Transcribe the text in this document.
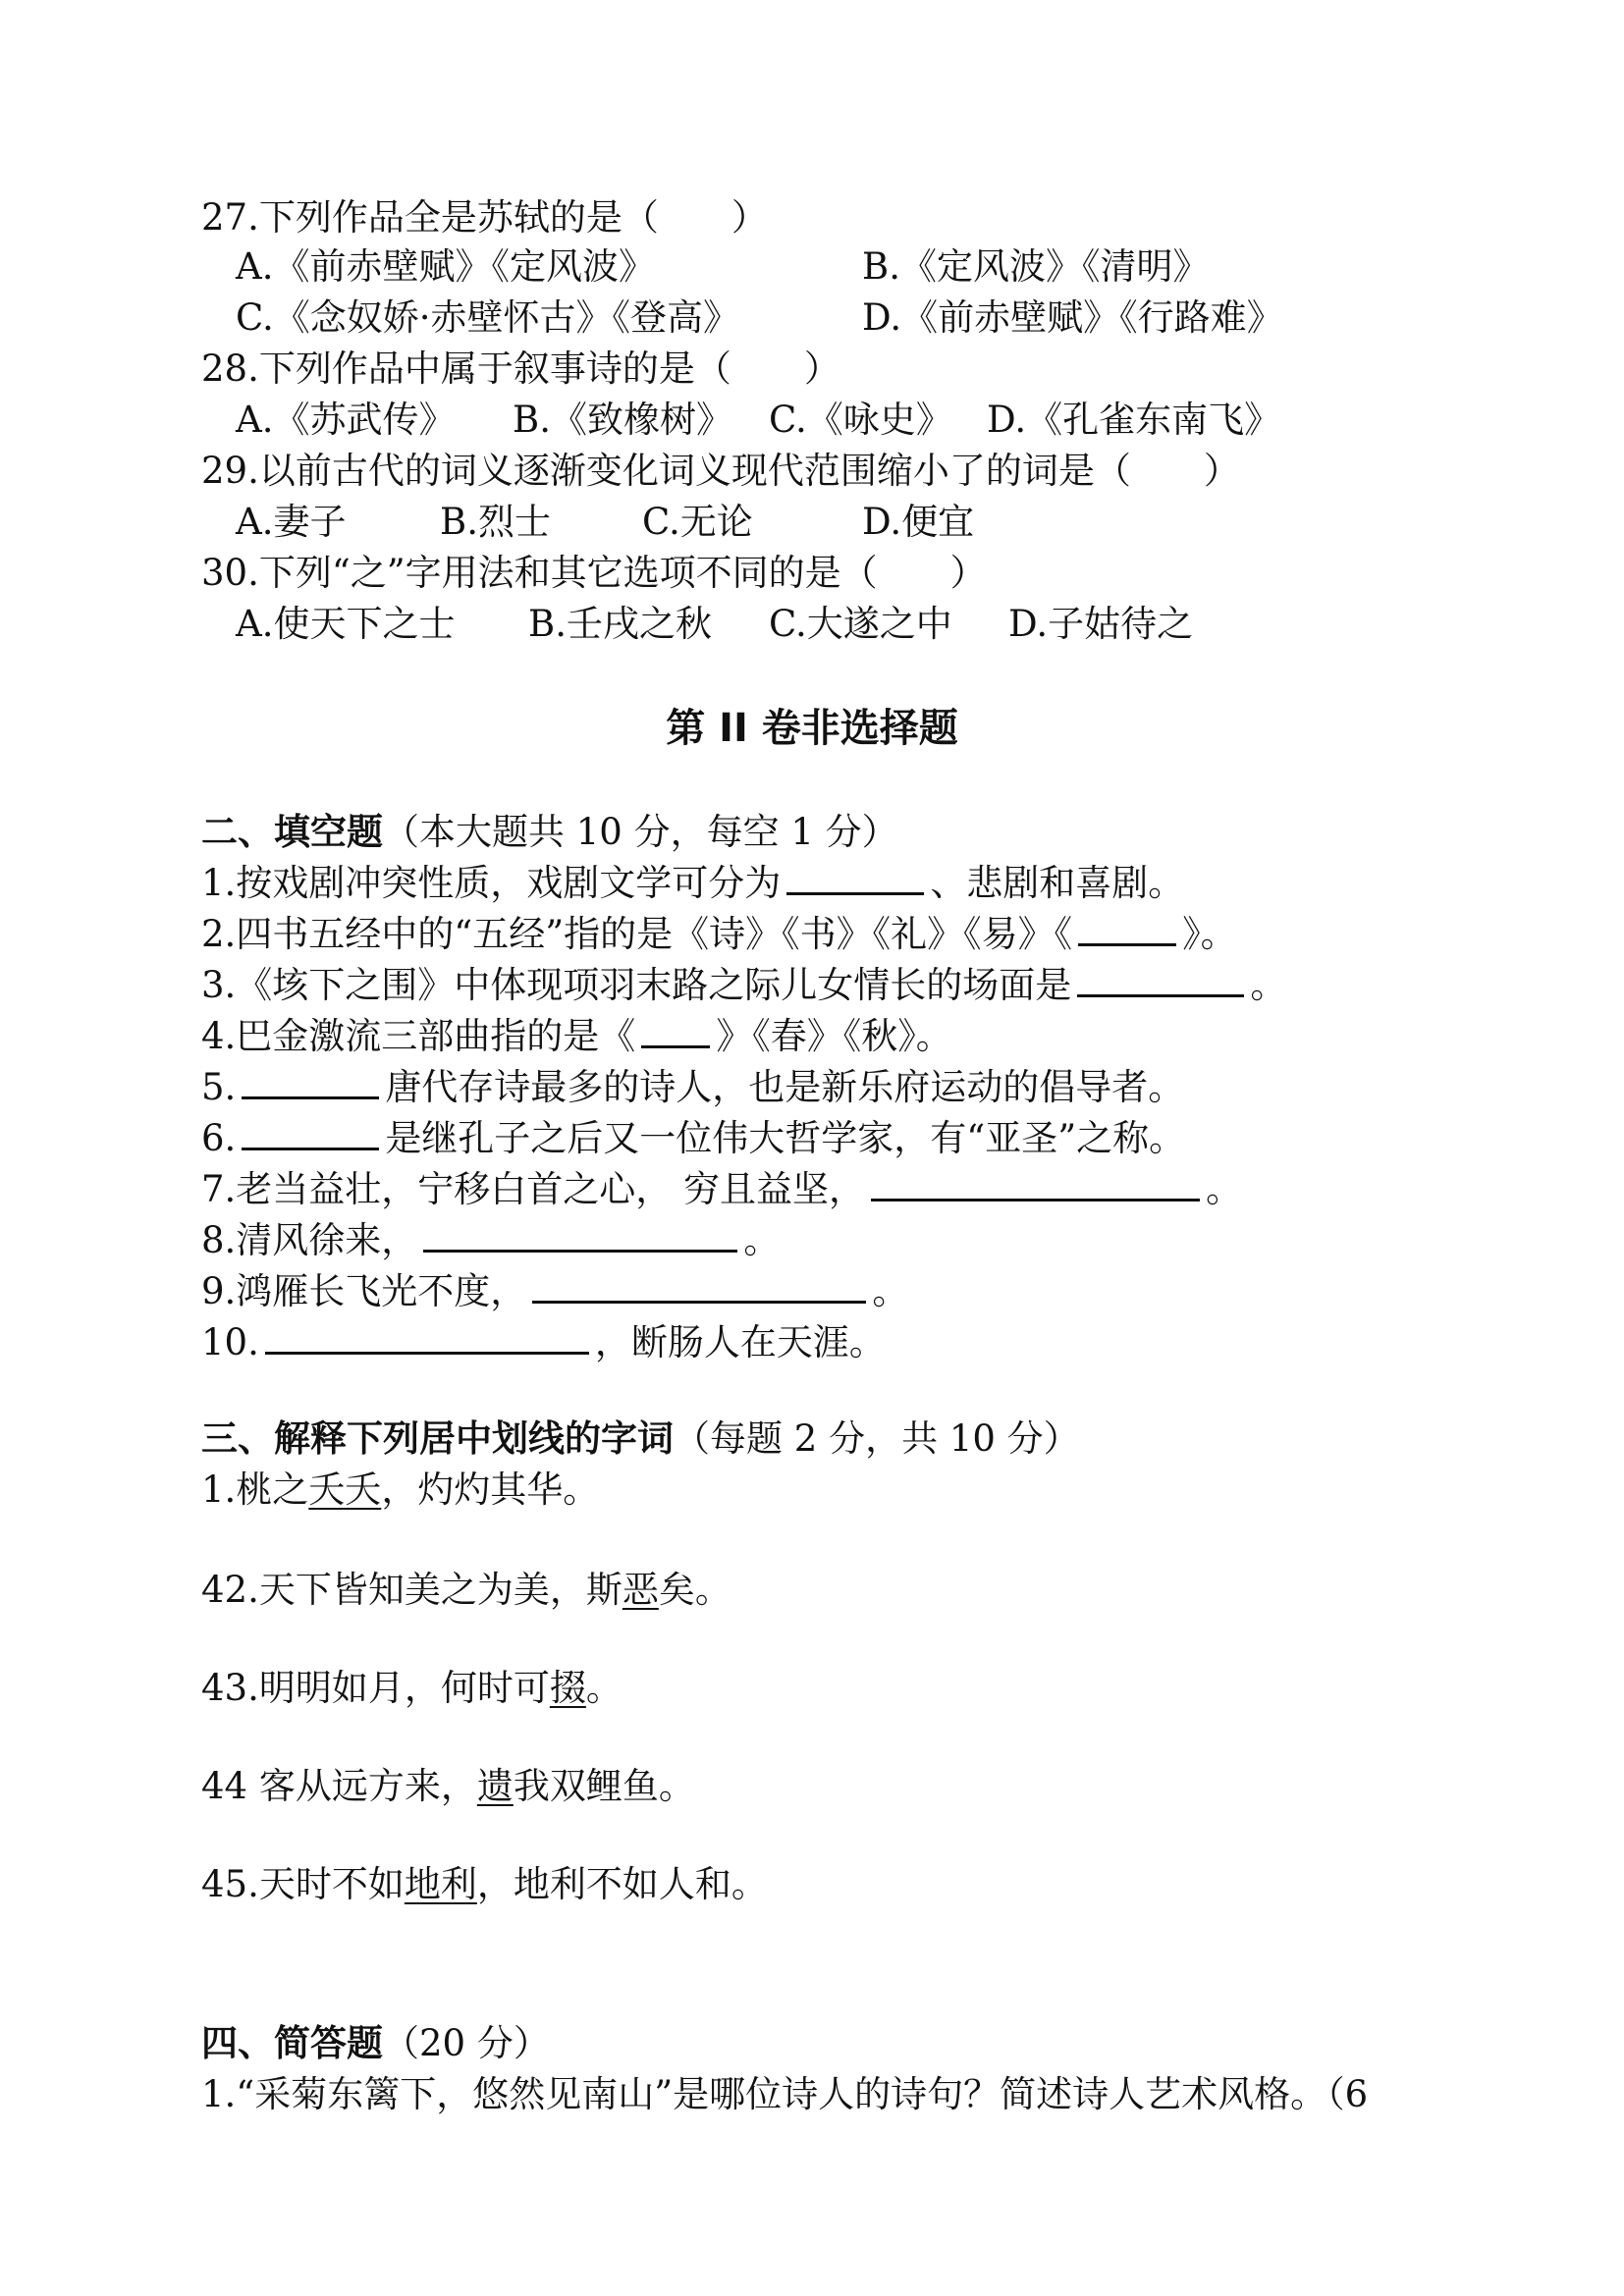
27.下列作品全是苏轼的是（　　）
A.《前赤壁赋》《定风波》	B.《定风波》《清明》
C.《念奴娇·赤壁怀古》《登高》	D.《前赤壁赋》《行路难》
28.下列作品中属于叙事诗的是（　　）
A.《苏武传》 B.《致橡树》 C.《咏史》 D.《孔雀东南飞》
29.以前古代的词义逐渐变化词义现代范围缩小了的词是（　　）
A.妻子	B.烈士	C.无论	D.便宜
30.下列“之”字用法和其它选项不同的是（　　）
A.使天下之士 B.壬戌之秋 C.大遂之中 D.子姑待之
第 II 卷非选择题
二、填空题（本大题共 10 分，每空 1 分）
1.按戏剧冲突性质，戏剧文学可分为	、悲剧和喜剧。
2.四书五经中的“五经”指的是《诗》《书》《礼》《易》《	》。
3.《垓下之围》中体现项羽末路之际儿女情长的场面是	。
4.巴金激流三部曲指的是《 》《春》《秋》。
5.	唐代存诗最多的诗人，也是新乐府运动的倡导者。
6.	是继孔子之后又一位伟大哲学家，有“亚圣”之称。
7.老当益壮，宁移白首之心， 穷且益坚，	。
8.清风徐来，	。
9.鸿雁长飞光不度，	。
10.	，断肠人在天涯。
三、解释下列居中划线的字词（每题 2 分，共 10 分）
1.桃之夭夭，灼灼其华。
42.天下皆知美之为美，斯恶矣。
43.明明如月，何时可掇。
44 客从远方来，遗我双鲤鱼。
45.天时不如地利，地利不如人和。
四、简答题（20 分）
1.“采菊东篱下，悠然见南山”是哪位诗人的诗句？简述诗人艺术风格。（6
